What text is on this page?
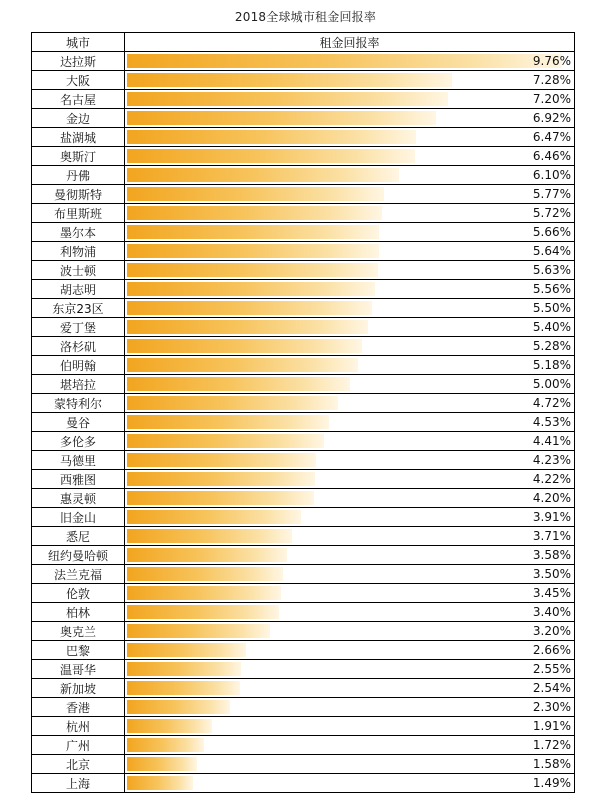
2018全球城市租金回报率
城市	租金回报率
达拉斯	9.76%

大阪	7.28%

名古屋	7.20%

金边	6.92%

盐湖城	6.47%

奥斯汀	6.46%

丹佛	6.10%

曼彻斯特	5.77%

布里斯班	5.72%

墨尔本	5.66%

利物浦	5.64%

波士顿	5.63%

胡志明	5.56%

东京23区	5.50%

爱丁堡	5.40%

洛杉矶	5.28%

伯明翰	5.18%

堪培拉	5.00%

蒙特利尔	4.72%

曼谷	4.53%

多伦多	4.41%

马德里	4.23%

西雅图	4.22%

惠灵顿	4.20%

旧金山	3.91%

悉尼	3.71%

纽约曼哈顿	3.58%

法兰克福	3.50%

伦敦	3.45%

柏林	3.40%

奥克兰	3.20%

巴黎	2.66%

温哥华	2.55%

新加坡	2.54%

香港	2.30%

杭州	1.91%

广州	1.72%

北京	1.58%

上海	1.49%
